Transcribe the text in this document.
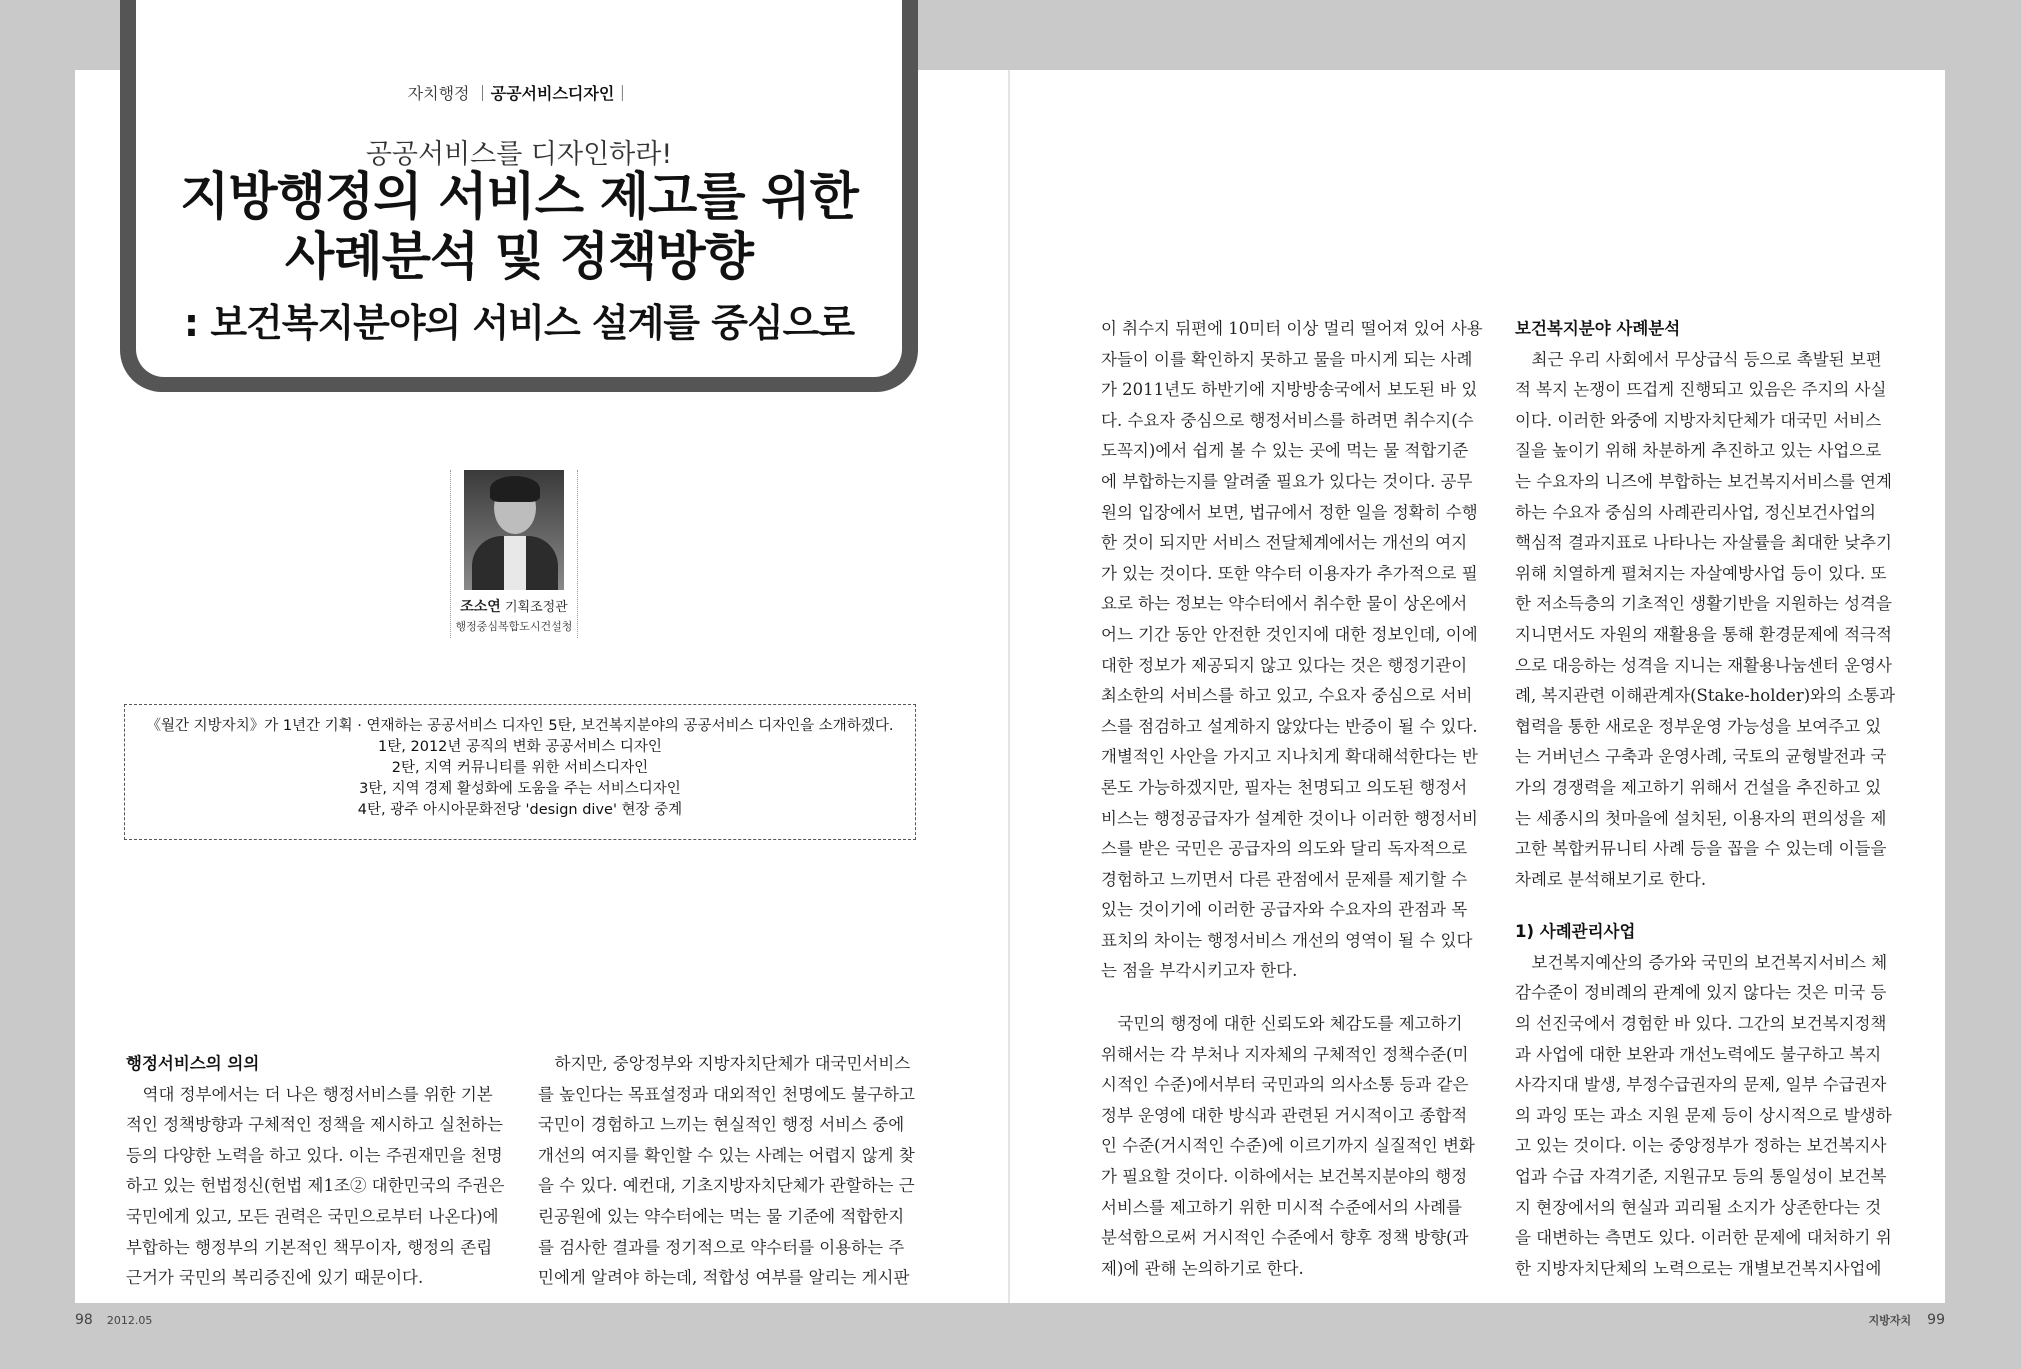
자치행정 ｜공공서비스디자인｜
공공서비스를 디자인하라!
지방행정의 서비스 제고를 위한
사례분석 및 정책방향
: 보건복지분야의 서비스 설계를 중심으로
조소연 기획조정관
행정중심복합도시건설청
《월간 지방자치》가 1년간 기획 · 연재하는 공공서비스 디자인 5탄, 보건복지분야의 공공서비스 디자인을 소개하겠다.
1탄, 2012년 공직의 변화 공공서비스 디자인
2탄, 지역 커뮤니티를 위한 서비스디자인
3탄, 지역 경제 활성화에 도움을 주는 서비스디자인
4탄, 광주 아시아문화전당 'design dive' 현장 중계
행정서비스의 의의
　역대 정부에서는 더 나은 행정서비스를 위한 기본
적인 정책방향과 구체적인 정책을 제시하고 실천하는
등의 다양한 노력을 하고 있다. 이는 주권재민을 천명
하고 있는 헌법정신(헌법 제1조② 대한민국의 주권은
국민에게 있고, 모든 권력은 국민으로부터 나온다)에
부합하는 행정부의 기본적인 책무이자, 행정의 존립
근거가 국민의 복리증진에 있기 때문이다.
　하지만, 중앙정부와 지방자치단체가 대국민서비스
를 높인다는 목표설정과 대외적인 천명에도 불구하고
국민이 경험하고 느끼는 현실적인 행정 서비스 중에
개선의 여지를 확인할 수 있는 사례는 어렵지 않게 찾
을 수 있다. 예컨대, 기초지방자치단체가 관할하는 근
린공원에 있는 약수터에는 먹는 물 기준에 적합한지
를 검사한 결과를 정기적으로 약수터를 이용하는 주
민에게 알려야 하는데, 적합성 여부를 알리는 게시판
이 취수지 뒤편에 10미터 이상 멀리 떨어져 있어 사용
자들이 이를 확인하지 못하고 물을 마시게 되는 사례
가 2011년도 하반기에 지방방송국에서 보도된 바 있
다. 수요자 중심으로 행정서비스를 하려면 취수지(수
도꼭지)에서 쉽게 볼 수 있는 곳에 먹는 물 적합기준
에 부합하는지를 알려줄 필요가 있다는 것이다. 공무
원의 입장에서 보면, 법규에서 정한 일을 정확히 수행
한 것이 되지만 서비스 전달체계에서는 개선의 여지
가 있는 것이다. 또한 약수터 이용자가 추가적으로 필
요로 하는 정보는 약수터에서 취수한 물이 상온에서
어느 기간 동안 안전한 것인지에 대한 정보인데, 이에
대한 정보가 제공되지 않고 있다는 것은 행정기관이
최소한의 서비스를 하고 있고, 수요자 중심으로 서비
스를 점검하고 설계하지 않았다는 반증이 될 수 있다.
개별적인 사안을 가지고 지나치게 확대해석한다는 반
론도 가능하겠지만, 필자는 천명되고 의도된 행정서
비스는 행정공급자가 설계한 것이나 이러한 행정서비
스를 받은 국민은 공급자의 의도와 달리 독자적으로
경험하고 느끼면서 다른 관점에서 문제를 제기할 수
있는 것이기에 이러한 공급자와 수요자의 관점과 목
표치의 차이는 행정서비스 개선의 영역이 될 수 있다
는 점을 부각시키고자 한다.
　국민의 행정에 대한 신뢰도와 체감도를 제고하기
위해서는 각 부처나 지자체의 구체적인 정책수준(미
시적인 수준)에서부터 국민과의 의사소통 등과 같은
정부 운영에 대한 방식과 관련된 거시적이고 종합적
인 수준(거시적인 수준)에 이르기까지 실질적인 변화
가 필요할 것이다. 이하에서는 보건복지분야의 행정
서비스를 제고하기 위한 미시적 수준에서의 사례를
분석함으로써 거시적인 수준에서 향후 정책 방향(과
제)에 관해 논의하기로 한다.
보건복지분야 사례분석
　최근 우리 사회에서 무상급식 등으로 촉발된 보편
적 복지 논쟁이 뜨겁게 진행되고 있음은 주지의 사실
이다. 이러한 와중에 지방자치단체가 대국민 서비스
질을 높이기 위해 차분하게 추진하고 있는 사업으로
는 수요자의 니즈에 부합하는 보건복지서비스를 연계
하는 수요자 중심의 사례관리사업, 정신보건사업의
핵심적 결과지표로 나타나는 자살률을 최대한 낮추기
위해 치열하게 펼쳐지는 자살예방사업 등이 있다. 또
한 저소득층의 기초적인 생활기반을 지원하는 성격을
지니면서도 자원의 재활용을 통해 환경문제에 적극적
으로 대응하는 성격을 지니는 재활용나눔센터 운영사
례, 복지관련 이해관계자(Stake-holder)와의 소통과
협력을 통한 새로운 정부운영 가능성을 보여주고 있
는 거버넌스 구축과 운영사례, 국토의 균형발전과 국
가의 경쟁력을 제고하기 위해서 건설을 추진하고 있
는 세종시의 첫마을에 설치된, 이용자의 편의성을 제
고한 복합커뮤니티 사례 등을 꼽을 수 있는데 이들을
차례로 분석해보기로 한다.
1) 사례관리사업
　보건복지예산의 증가와 국민의 보건복지서비스 체
감수준이 정비례의 관계에 있지 않다는 것은 미국 등
의 선진국에서 경험한 바 있다. 그간의 보건복지정책
과 사업에 대한 보완과 개선노력에도 불구하고 복지
사각지대 발생, 부정수급권자의 문제, 일부 수급권자
의 과잉 또는 과소 지원 문제 등이 상시적으로 발생하
고 있는 것이다. 이는 중앙정부가 정하는 보건복지사
업과 수급 자격기준, 지원규모 등의 통일성이 보건복
지 현장에서의 현실과 괴리될 소지가 상존한다는 것
을 대변하는 측면도 있다. 이러한 문제에 대처하기 위
한 지방자치단체의 노력으로는 개별보건복지사업에
98 2012.05	지방자치 99
